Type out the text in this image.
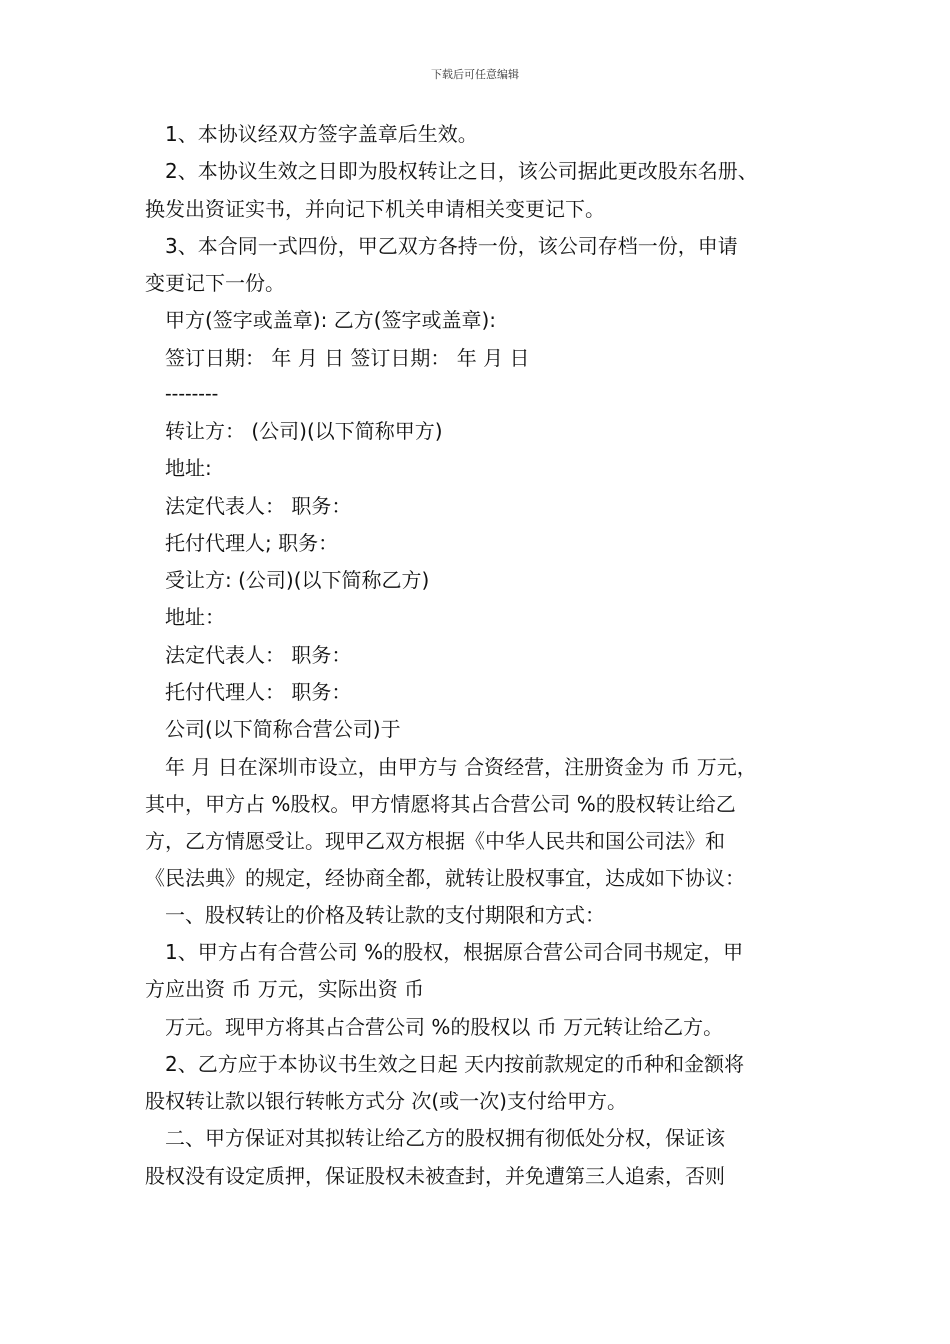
下载后可任意编辑
1、本协议经双方签字盖章后生效。
2、本协议生效之日即为股权转让之日，该公司据此更改股东名册、
换发出资证实书，并向记下机关申请相关变更记下。
3、本合同一式四份，甲乙双方各持一份，该公司存档一份，申请
变更记下一份。
甲方(签字或盖章): 乙方(签字或盖章):
签订日期： 年 月 日 签订日期： 年 月 日
--------
转让方： (公司)(以下简称甲方)
地址:
法定代表人： 职务：
托付代理人; 职务：
受让方: (公司)(以下简称乙方)
地址：
法定代表人： 职务：
托付代理人： 职务：
公司(以下简称合营公司)于
年 月 日在深圳市设立，由甲方与 合资经营，注册资金为 币 万元，
其中，甲方占 %股权。甲方情愿将其占合营公司 %的股权转让给乙
方，乙方情愿受让。现甲乙双方根据《中华人民共和国公司法》和
《民法典》的规定，经协商全都，就转让股权事宜，达成如下协议：
一、股权转让的价格及转让款的支付期限和方式：
1、甲方占有合营公司 %的股权，根据原合营公司合同书规定，甲
方应出资 币 万元，实际出资 币
万元。现甲方将其占合营公司 %的股权以 币 万元转让给乙方。
2、乙方应于本协议书生效之日起 天内按前款规定的币种和金额将
股权转让款以银行转帐方式分 次(或一次)支付给甲方。
二、甲方保证对其拟转让给乙方的股权拥有彻低处分权，保证该
股权没有设定质押，保证股权未被查封，并免遭第三人追索，否则
